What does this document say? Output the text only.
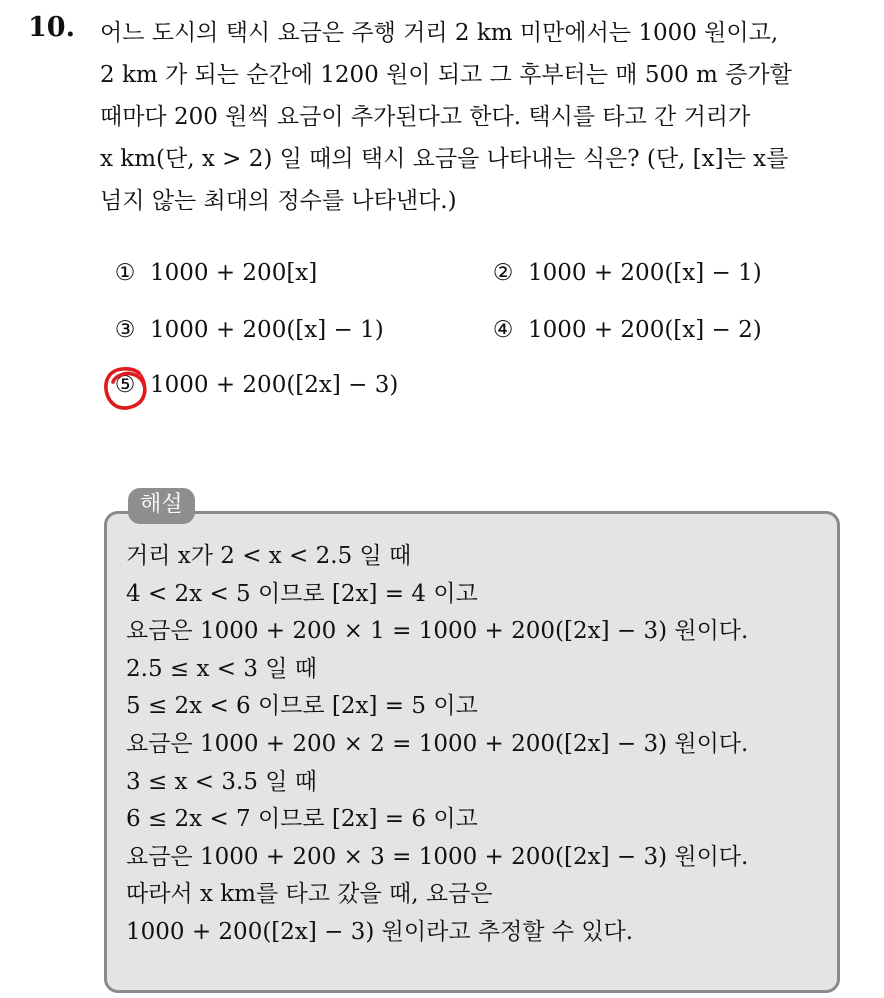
10. 어느 도시의 택시 요금은 주행 거리 2 km 미만에서는 1000 원이고,
2 km 가 되는 순간에 1200 원이 되고 그 후부터는 매 500 m 증가할
때마다 200 원씩 요금이 추가된다고 한다. 택시를 타고 간 거리가
x km(단, x > 2) 일 때의 택시 요금을 나타내는 식은? (단, [x]는 x를
넘지 않는 최대의 정수를 나타낸다.)
① 1000 + 200[x]	② 1000 + 200([x] − 1)
③ 1000 + 200([x] − 1)	④ 1000 + 200([x] − 2)
⑤ 1000 + 200([2x] − 3)
해설
거리 x가 2 < x < 2.5 일 때
4 < 2x < 5 이므로 [2x] = 4 이고
요금은 1000 + 200 × 1 = 1000 + 200([2x] − 3) 원이다.
2.5 ≤ x < 3 일 때
5 ≤ 2x < 6 이므로 [2x] = 5 이고
요금은 1000 + 200 × 2 = 1000 + 200([2x] − 3) 원이다.
3 ≤ x < 3.5 일 때
6 ≤ 2x < 7 이므로 [2x] = 6 이고
요금은 1000 + 200 × 3 = 1000 + 200([2x] − 3) 원이다.
따라서 x km를 타고 갔을 때, 요금은
1000 + 200([2x] − 3) 원이라고 추정할 수 있다.
